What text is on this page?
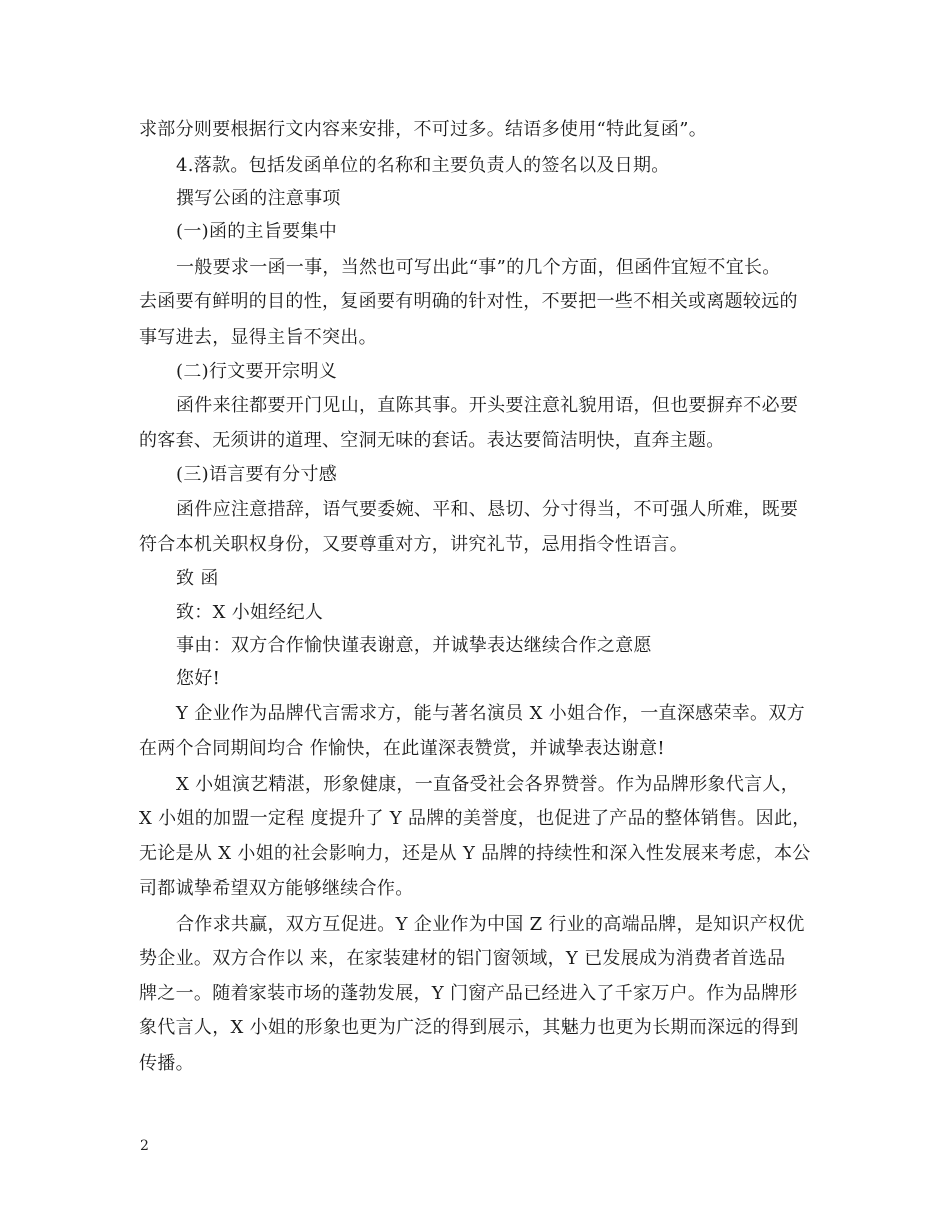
求部分则要根据行文内容来安排，不可过多。结语多使用“特此复函”。
4.落款。包括发函单位的名称和主要负责人的签名以及日期。
撰写公函的注意事项
(一)函的主旨要集中
一般要求一函一事，当然也可写出此“事”的几个方面，但函件宜短不宜长。
去函要有鲜明的目的性，复函要有明确的针对性，不要把一些不相关或离题较远的
事写进去，显得主旨不突出。
(二)行文要开宗明义
函件来往都要开门见山，直陈其事。开头要注意礼貌用语，但也要摒弃不必要
的客套、无须讲的道理、空洞无味的套话。表达要简洁明快，直奔主题。
(三)语言要有分寸感
函件应注意措辞，语气要委婉、平和、恳切、分寸得当，不可强人所难，既要
符合本机关职权身份，又要尊重对方，讲究礼节，忌用指令性语言。
致 函
致：X 小姐经纪人
事由：双方合作愉快谨表谢意，并诚挚表达继续合作之意愿
您好!
Y 企业作为品牌代言需求方，能与著名演员 X 小姐合作，一直深感荣幸。双方
在两个合同期间均合 作愉快，在此谨深表赞赏，并诚挚表达谢意!
X 小姐演艺精湛，形象健康，一直备受社会各界赞誉。作为品牌形象代言人，
X 小姐的加盟一定程 度提升了 Y 品牌的美誉度，也促进了产品的整体销售。因此，
无论是从 X 小姐的社会影响力，还是从 Y 品牌的持续性和深入性发展来考虑，本公
司都诚挚希望双方能够继续合作。
合作求共赢，双方互促进。Y 企业作为中国 Z 行业的高端品牌，是知识产权优
势企业。双方合作以 来，在家装建材的铝门窗领域，Y 已发展成为消费者首选品
牌之一。随着家装市场的蓬勃发展，Y 门窗产品已经进入了千家万户。作为品牌形
象代言人，X 小姐的形象也更为广泛的得到展示，其魅力也更为长期而深远的得到
传播。
2
